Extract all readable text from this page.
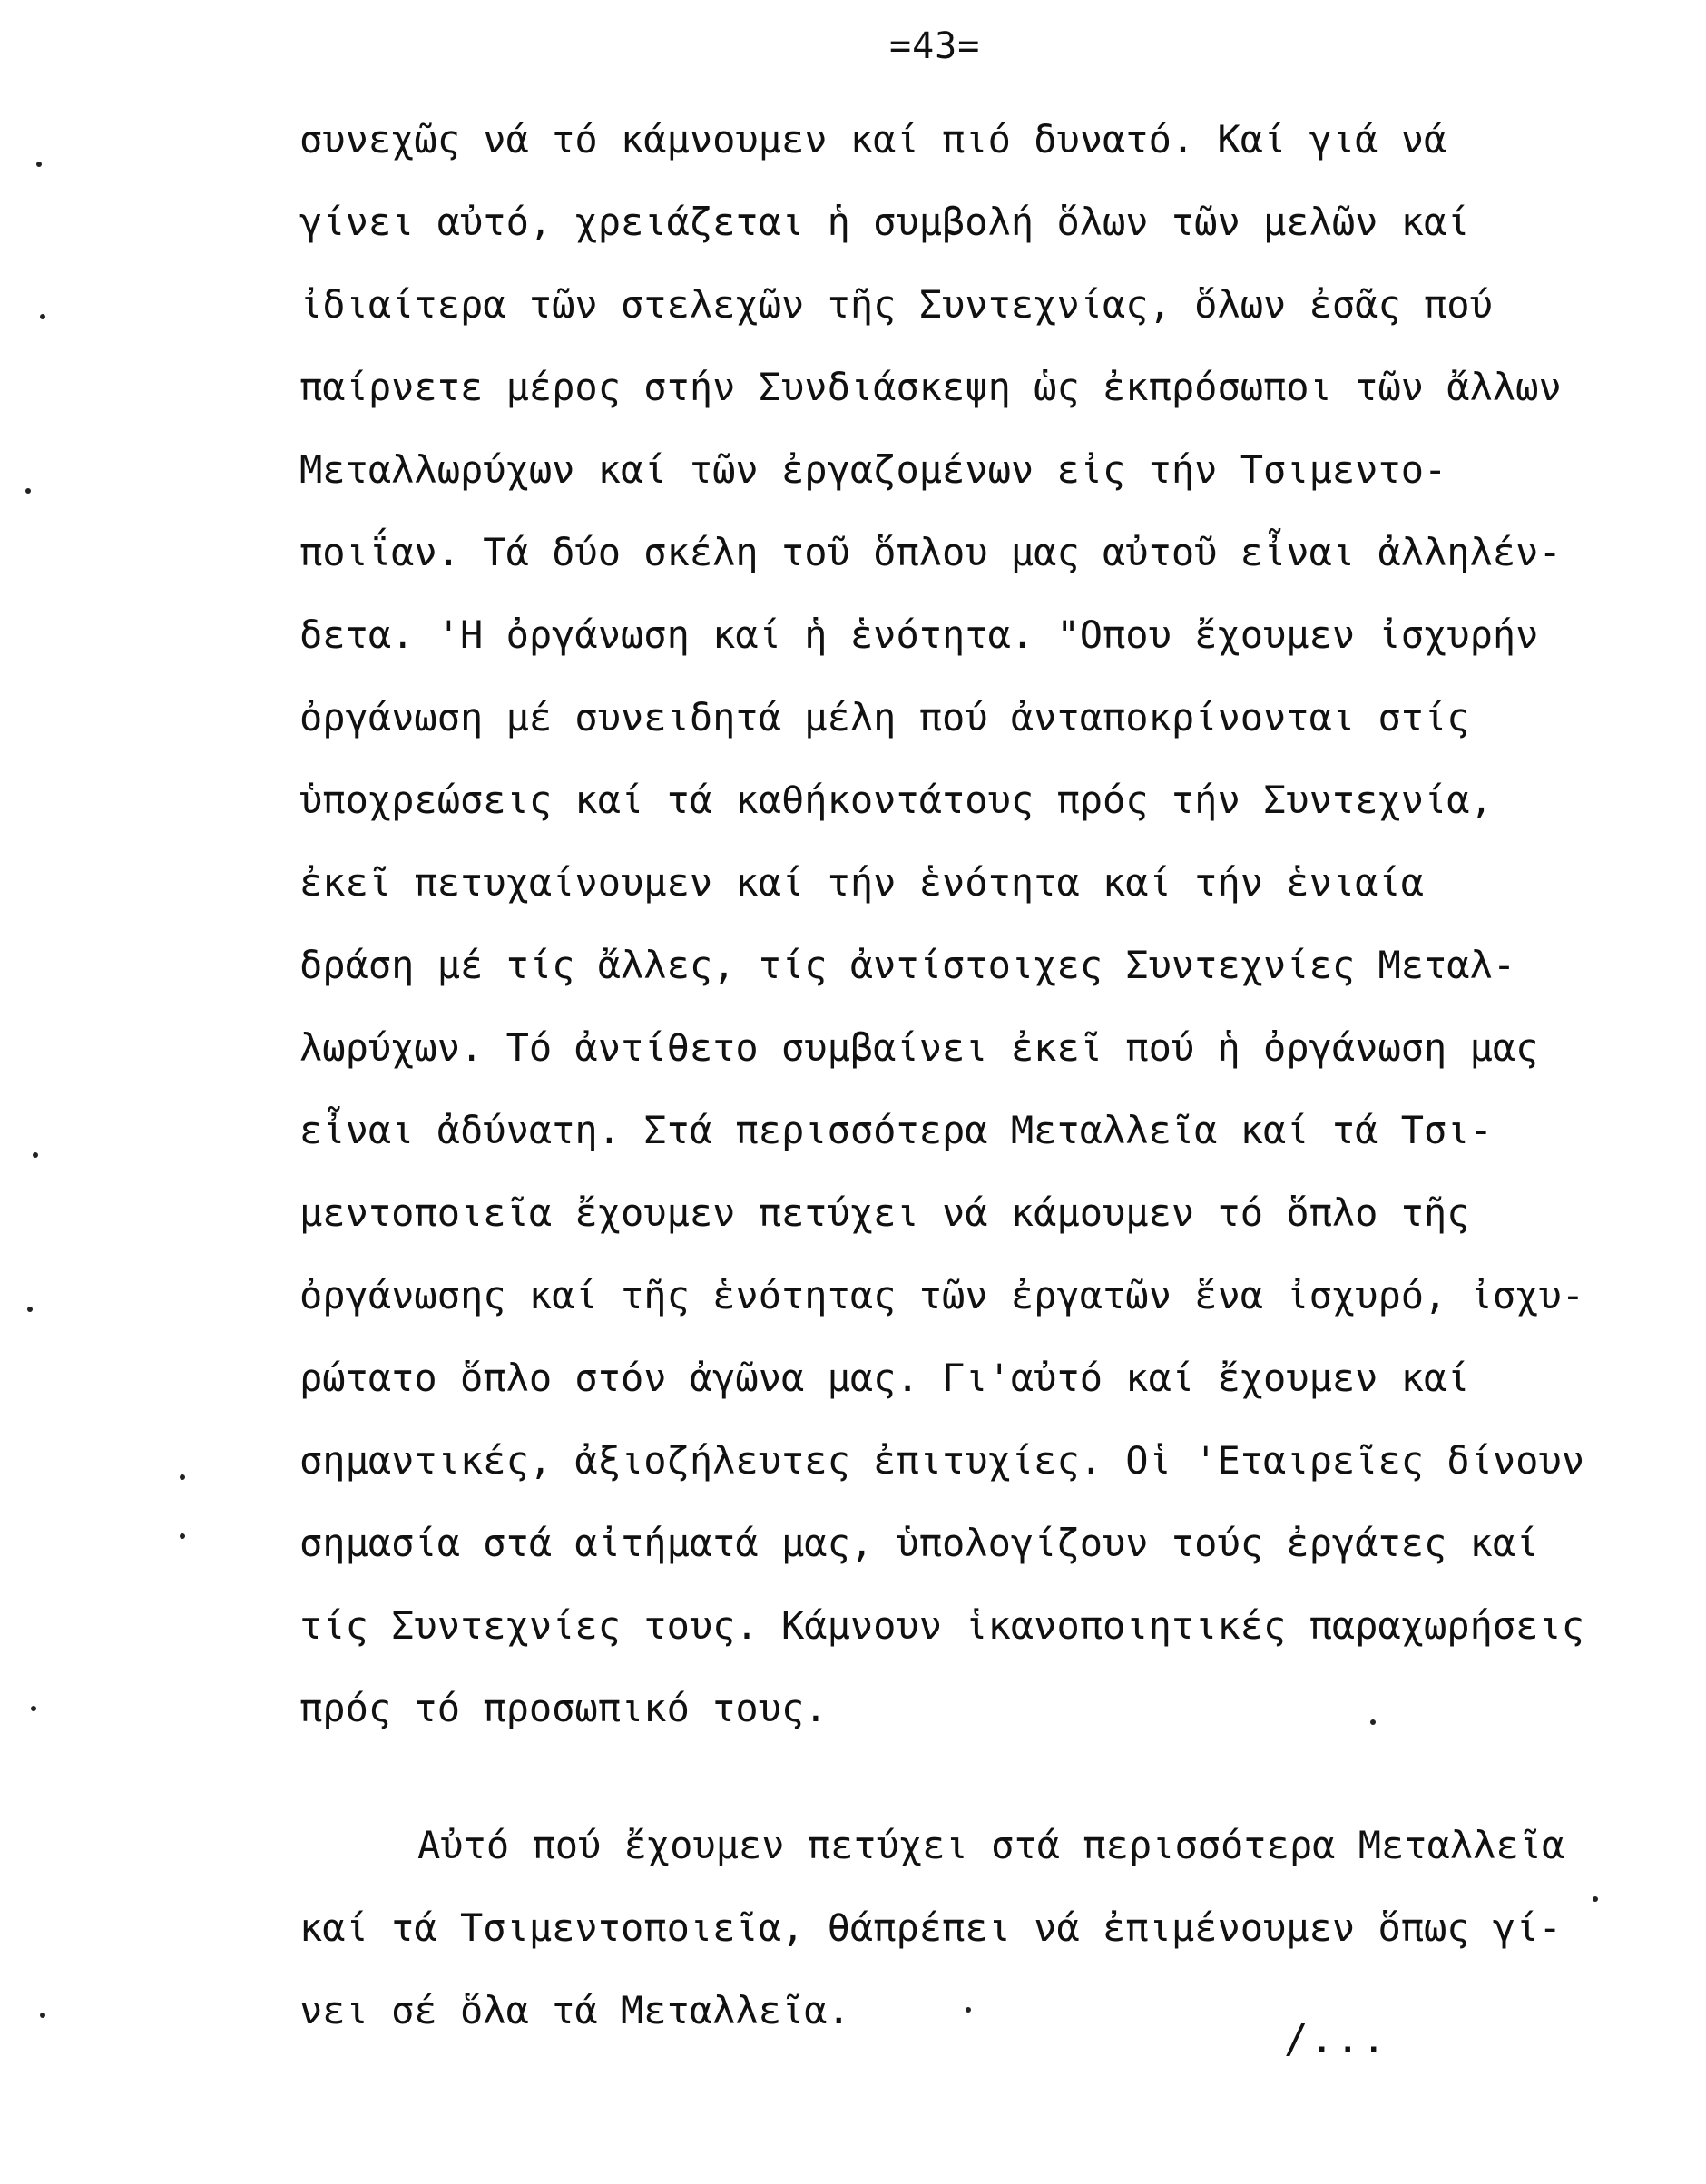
=43=
συνεχῶς νά τό κάμνουμεν καί πιό δυνατό. Καί γιά νά
γίνει αὐτό, χρειάζεται ἡ συμβολή ὅλων τῶν μελῶν καί
ἰδιαίτερα τῶν στελεχῶν τῆς Συντεχνίας, ὅλων ἐσᾶς πού
παίρνετε μέρος στήν Συνδιάσκεψη ὡς ἐκπρόσωποι τῶν ἄλλων
Μεταλλωρύχων καί τῶν ἐργαζομένων εἰς τήν Τσιμεντο-
ποιΐαν. Τά δύο σκέλη τοῦ ὅπλου μας αὐτοῦ εἶναι ἀλληλέν-
δετα. 'Η ὀργάνωση καί ἡ ἑνότητα. "Οπου ἔχουμεν ἰσχυρήν
ὀργάνωση μέ συνειδητά μέλη πού ἀνταποκρίνονται στίς
ὑποχρεώσεις καί τά καθήκοντάτους πρός τήν Συντεχνία,
ἐκεῖ πετυχαίνουμεν καί τήν ἑνότητα καί τήν ἑνιαία
δράση μέ τίς ἄλλες, τίς ἀντίστοιχες Συντεχνίες Μεταλ-
λωρύχων. Τό ἀντίθετο συμβαίνει ἐκεῖ πού ἡ ὀργάνωση μας
εἶναι ἀδύνατη. Στά περισσότερα Μεταλλεῖα καί τά Τσι-
μεντοποιεῖα ἔχουμεν πετύχει νά κάμουμεν τό ὅπλο τῆς
ὀργάνωσης καί τῆς ἑνότητας τῶν ἐργατῶν ἕνα ἰσχυρό, ἰσχυ-
ρώτατο ὅπλο στόν ἀγῶνα μας. Γι'αὐτό καί ἔχουμεν καί
σημαντικές, ἀξιοζήλευτες ἐπιτυχίες. Οἱ 'Εταιρεῖες δίνουν
σημασία στά αἰτήματά μας, ὑπολογίζουν τούς ἐργάτες καί
τίς Συντεχνίες τους. Κάμνουν ἱκανοποιητικές παραχωρήσεις
πρός τό προσωπικό τους.
Αὐτό πού ἔχουμεν πετύχει στά περισσότερα Μεταλλεῖα
καί τά Τσιμεντοποιεῖα, θάπρέπει νά ἐπιμένουμεν ὅπως γί-
νει σέ ὅλα τά Μεταλλεῖα.
/...
